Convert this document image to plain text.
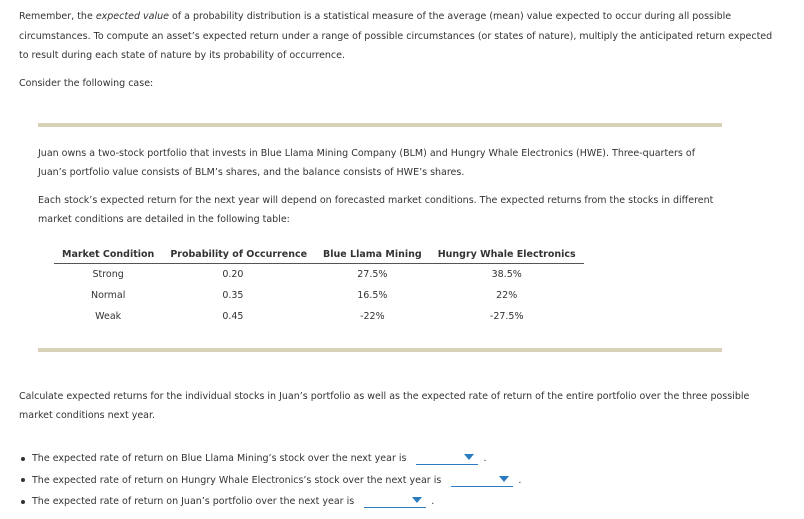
Remember, the expected value of a probability distribution is a statistical measure of the average (mean) value expected to occur during all possible circumstances. To compute an asset’s expected return under a range of possible circumstances (or states of nature), multiply the anticipated return expected to result during each state of nature by its probability of occurrence.

Consider the following case:

Juan owns a two-stock portfolio that invests in Blue Llama Mining Company (BLM) and Hungry Whale Electronics (HWE). Three-quarters of Juan’s portfolio value consists of BLM’s shares, and the balance consists of HWE’s shares.

Each stock’s expected return for the next year will depend on forecasted market conditions. The expected returns from the stocks in different market conditions are detailed in the following table:

Market Condition	Probability of Occurrence	Blue Llama Mining	Hungry Whale Electronics
Strong	0.20	27.5%	38.5%
Normal	0.35	16.5%	22%
Weak	0.45	-22%	-27.5%

Calculate expected returns for the individual stocks in Juan’s portfolio as well as the expected rate of return of the entire portfolio over the three possible market conditions next year.

The expected rate of return on Blue Llama Mining’s stock over the next year is	.
The expected rate of return on Hungry Whale Electronics’s stock over the next year is	.
The expected rate of return on Juan’s portfolio over the next year is	.
